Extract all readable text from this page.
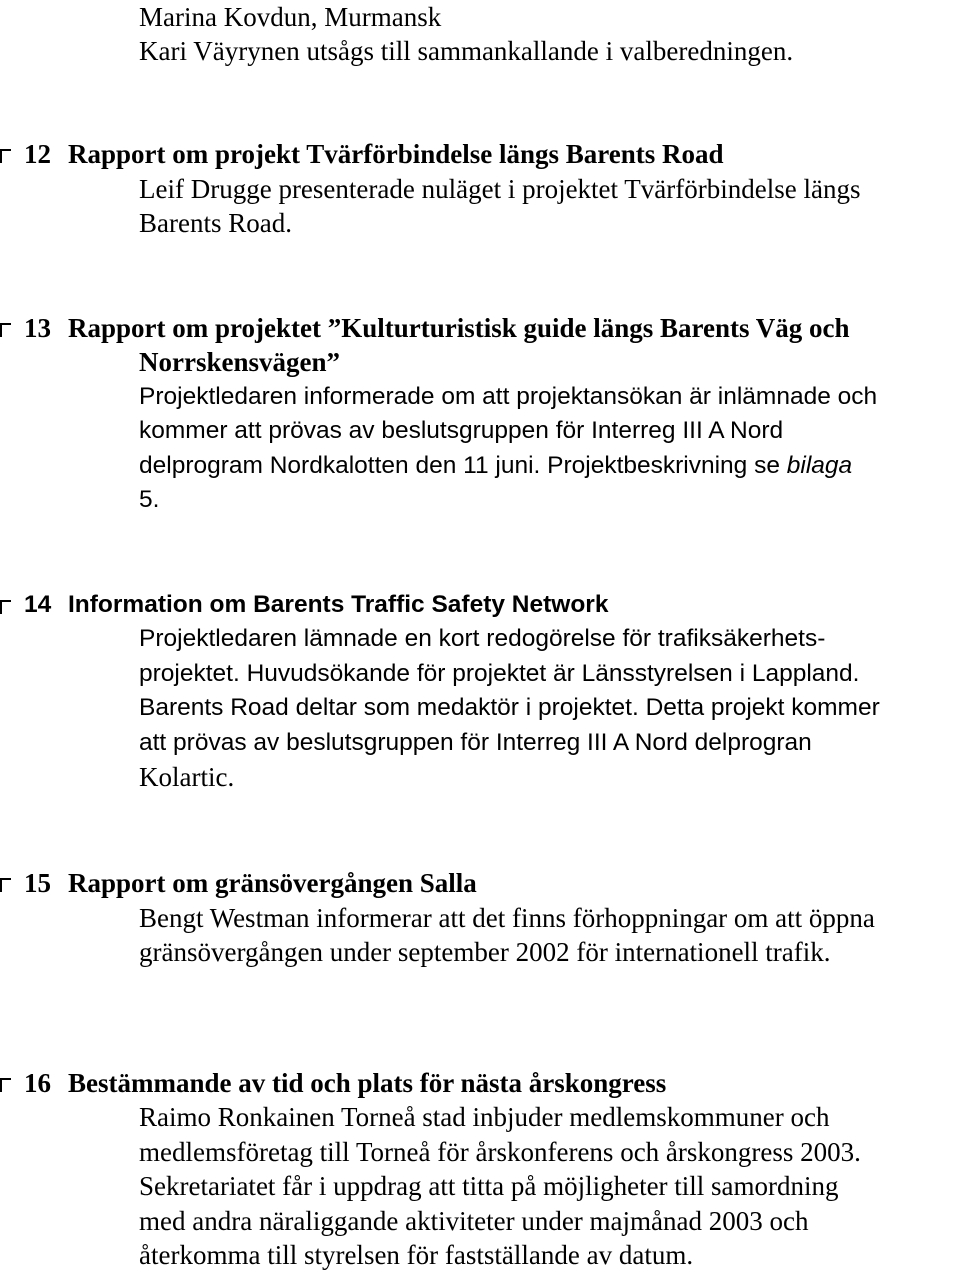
Marina Kovdun, Murmansk
Kari Väyrynen utsågs till sammankallande i valberedningen.
12 Rapport om projekt Tvärförbindelse längs Barents Road
Leif Drugge presenterade nuläget i projektet Tvärförbindelse längs
Barents Road.
13 Rapport om projektet ”Kulturturistisk guide längs Barents Väg och
Norrskensvägen”
Projektledaren informerade om att projektansökan är inlämnade och
kommer att prövas av beslutsgruppen för Interreg III A Nord
delprogram Nordkalotten den 11 juni. Projektbeskrivning se bilaga
5.
14 Information om Barents Traffic Safety Network
Projektledaren lämnade en kort redogörelse för trafiksäkerhets-
projektet. Huvudsökande för projektet är Länsstyrelsen i Lappland.
Barents Road deltar som medaktör i projektet. Detta projekt kommer
att prövas av beslutsgruppen för Interreg III A Nord delprogran
Kolartic.
15 Rapport om gränsövergången Salla
Bengt Westman informerar att det finns förhoppningar om att öppna
gränsövergången under september 2002 för internationell trafik.
16 Bestämmande av tid och plats för nästa årskongress
Raimo Ronkainen Torneå stad inbjuder medlemskommuner och
medlemsföretag till Torneå för årskonferens och årskongress 2003.
Sekretariatet får i uppdrag att titta på möjligheter till samordning
med andra näraliggande aktiviteter under majmånad 2003 och
återkomma till styrelsen för fastställande av datum.
